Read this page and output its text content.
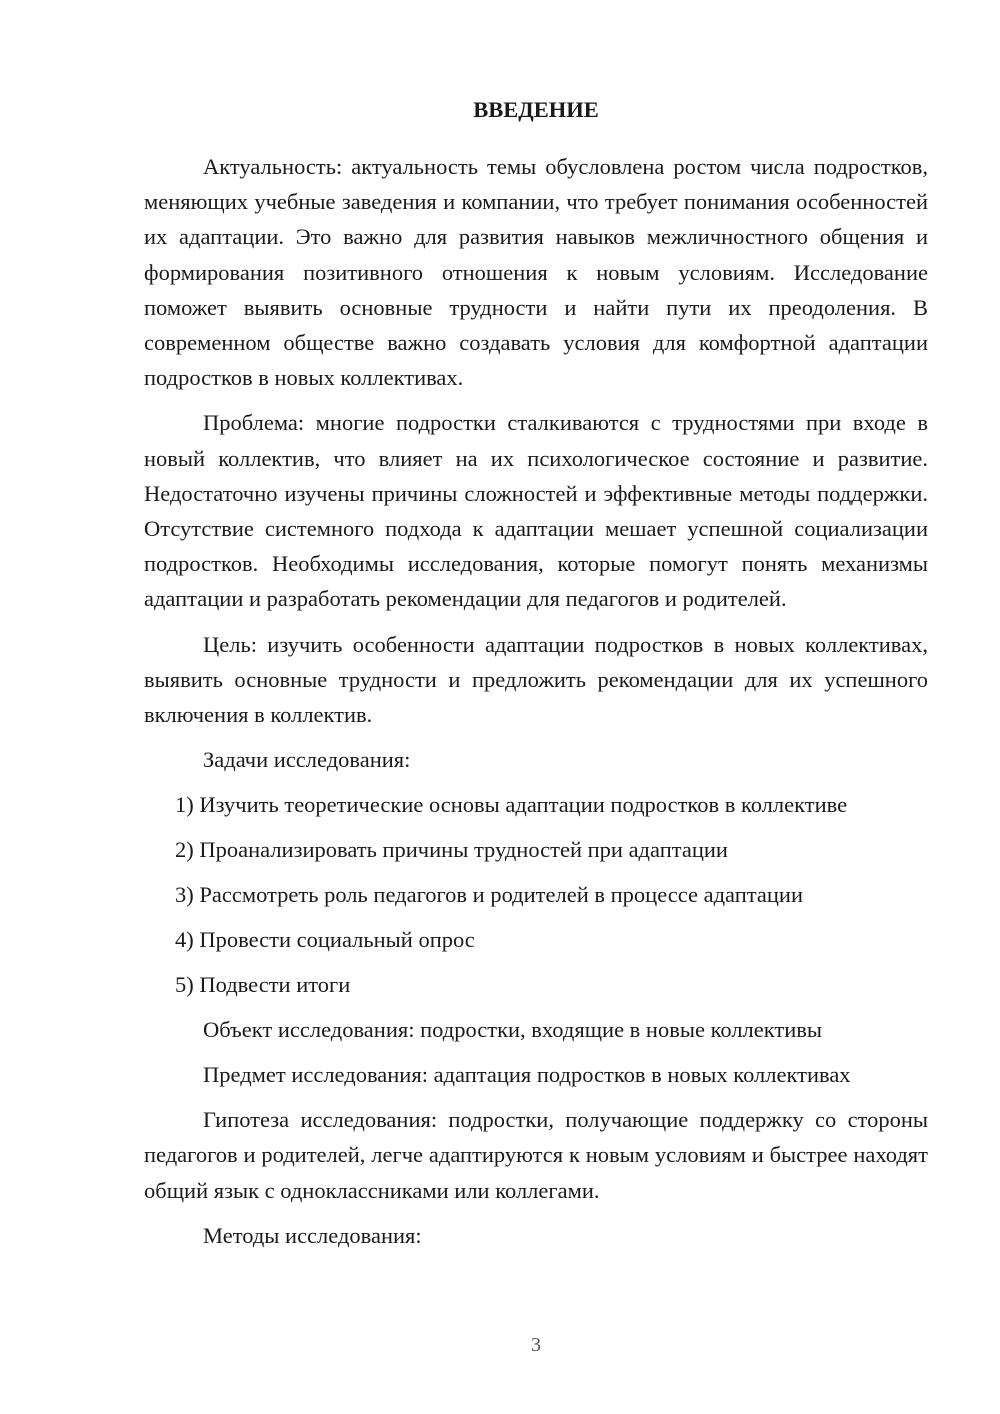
ВВЕДЕНИЕ

Актуальность: актуальность темы обусловлена ростом числа подростков, меняющих учебные заведения и компании, что требует понимания особенностей их адаптации. Это важно для развития навыков межличностного общения и формирования позитивного отношения к новым условиям. Исследование поможет выявить основные трудности и найти пути их преодоления. В современном обществе важно создавать условия для комфортной адаптации подростков в новых коллективах.

Проблема: многие подростки сталкиваются с трудностями при входе в новый коллектив, что влияет на их психологическое состояние и развитие. Недостаточно изучены причины сложностей и эффективные методы поддержки. Отсутствие системного подхода к адаптации мешает успешной социализации подростков. Необходимы исследования, которые помогут понять механизмы адаптации и разработать рекомендации для педагогов и родителей.

Цель: изучить особенности адаптации подростков в новых коллективах, выявить основные трудности и предложить рекомендации для их успешного включения в коллектив.

Задачи исследования:
1) Изучить теоретические основы адаптации подростков в коллективе
2) Проанализировать причины трудностей при адаптации
3) Рассмотреть роль педагогов и родителей в процессе адаптации
4) Провести социальный опрос
5) Подвести итоги
Объект исследования: подростки, входящие в новые коллективы
Предмет исследования: адаптация подростков в новых коллективах

Гипотеза исследования: подростки, получающие поддержку со стороны педагогов и родителей, легче адаптируются к новым условиям и быстрее находят общий язык с одноклассниками или коллегами.

Методы исследования:
3
